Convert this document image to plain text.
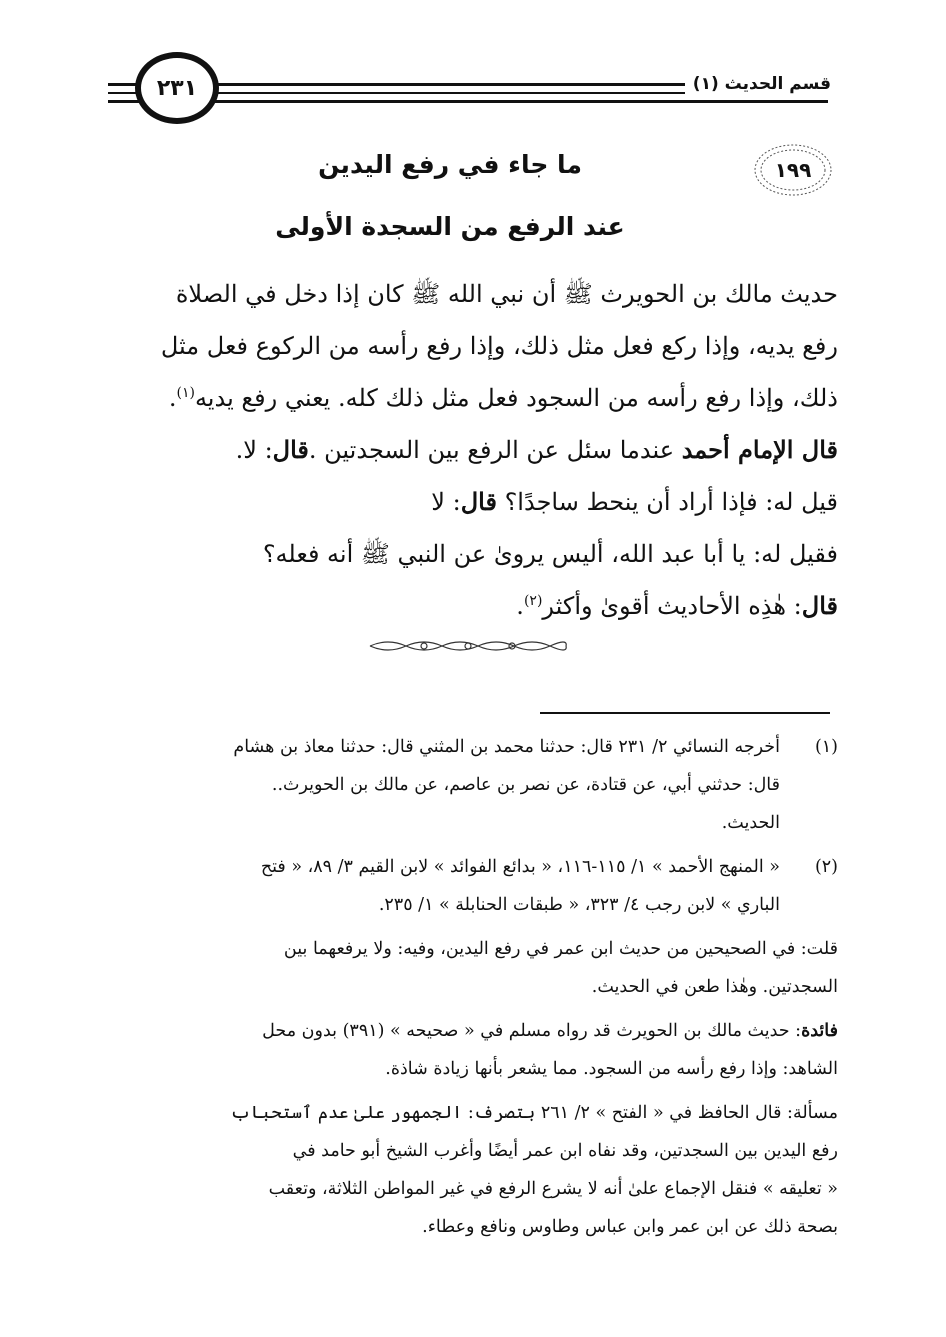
قسم الحديث (١)
٢٣١
١٩٩
ما جاء في رفع اليدين
عند الرفع من السجدة الأولى
حديث مالك بن الحويرث ﷺ أن نبي الله ﷺ كان إذا دخل في الصلاة
رفع يديه، وإذا ركع فعل مثل ذلك، وإذا رفع رأسه من الركوع فعل مثل
ذلك، وإذا رفع رأسه من السجود فعل مثل ذلك كله. يعني رفع يديه$^{(١)}$.
قال الإمام أحمد عندما سئل عن الرفع بين السجدتين .قال: لا.
قيل له: فإذا أراد أن ينحط ساجدًا؟ قال: لا
فقيل له: يا أبا عبد الله، أليس يروىٰ عن النبي ﷺ أنه فعله؟
قال: هٰذِه الأحاديث أقوىٰ وأكثر$^{(٢)}$.
(١)
أخرجه النسائي ٢/ ٢٣١ قال: حدثنا محمد بن المثني قال: حدثنا معاذ بن هشام
قال: حدثني أبي، عن قتادة، عن نصر بن عاصم، عن مالك بن الحويرث..
الحديث.
(٢)
« المنهج الأحمد » ١/ ١١٥-١١٦، « بدائع الفوائد » لابن القيم ٣/ ٨٩، « فتح
الباري » لابن رجب ٤/ ٣٢٣، « طبقات الحنابلة » ١/ ٢٣٥.
قلت: في الصحيحين من حديث ابن عمر في رفع اليدين، وفيه: ولا يرفعهما بين
السجدتين. وهٰذا طعن في الحديث.
فائدة: حديث مالك بن الحويرث قد رواه مسلم في « صحيحه » (٣٩١) بدون محل
الشاهد: وإذا رفع رأسه من السجود. مما يشعر بأنها زيادة شاذة.
مسألة: قال الحافظ في « الفتح » ٢/ ٢٦١ بتصرف: الجمهور علىٰ عدم ٱستحباب
رفع اليدين بين السجدتين، وقد نفاه ابن عمر أيضًا وأغرب الشيخ أبو حامد في
« تعليقه » فنقل الإجماع علىٰ أنه لا يشرع الرفع في غير المواطن الثلاثة، وتعقب
بصحة ذلك عن ابن عمر وابن عباس وطاوس ونافع وعطاء.
